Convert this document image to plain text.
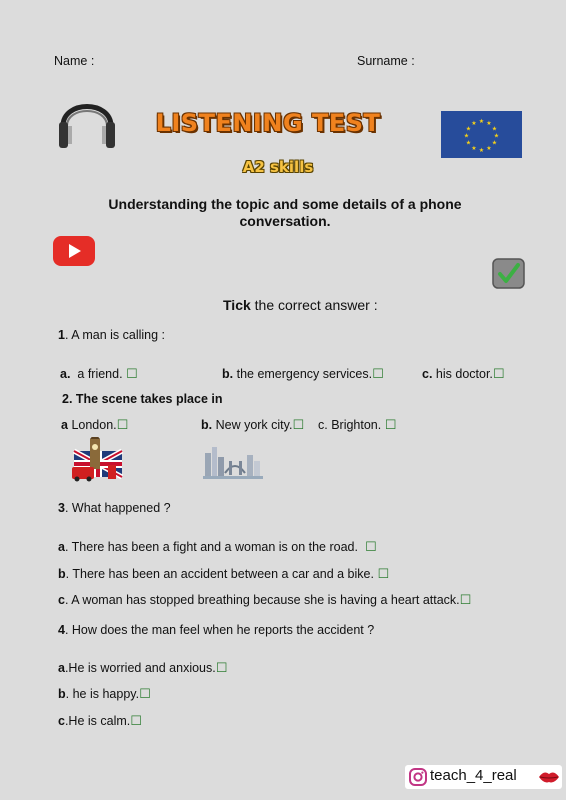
Name :	Surname :
LISTENING TEST
A2 skills
★ ★
★
★
★
★
★
★
★
★
★
★
Understanding the topic and some details of a phone
conversation.
Tick the correct answer :
1. A man is calling :
a. a friend. ☐	b. the emergency services.☐	c. his doctor.☐
2. The scene takes place in
a London.☐	b. New york city.☐ c. Brighton. ☐
3. What happened ?
a. There has been a fight and a woman is on the road. ☐
b. There has been an accident between a car and a bike. ☐
c. A woman has stopped breathing because she is having a heart attack.☐
4. How does the man feel when he reports the accident ?
a.He is worried and anxious.☐
b. he is happy.☐
c.He is calm.☐
teach_4_real
